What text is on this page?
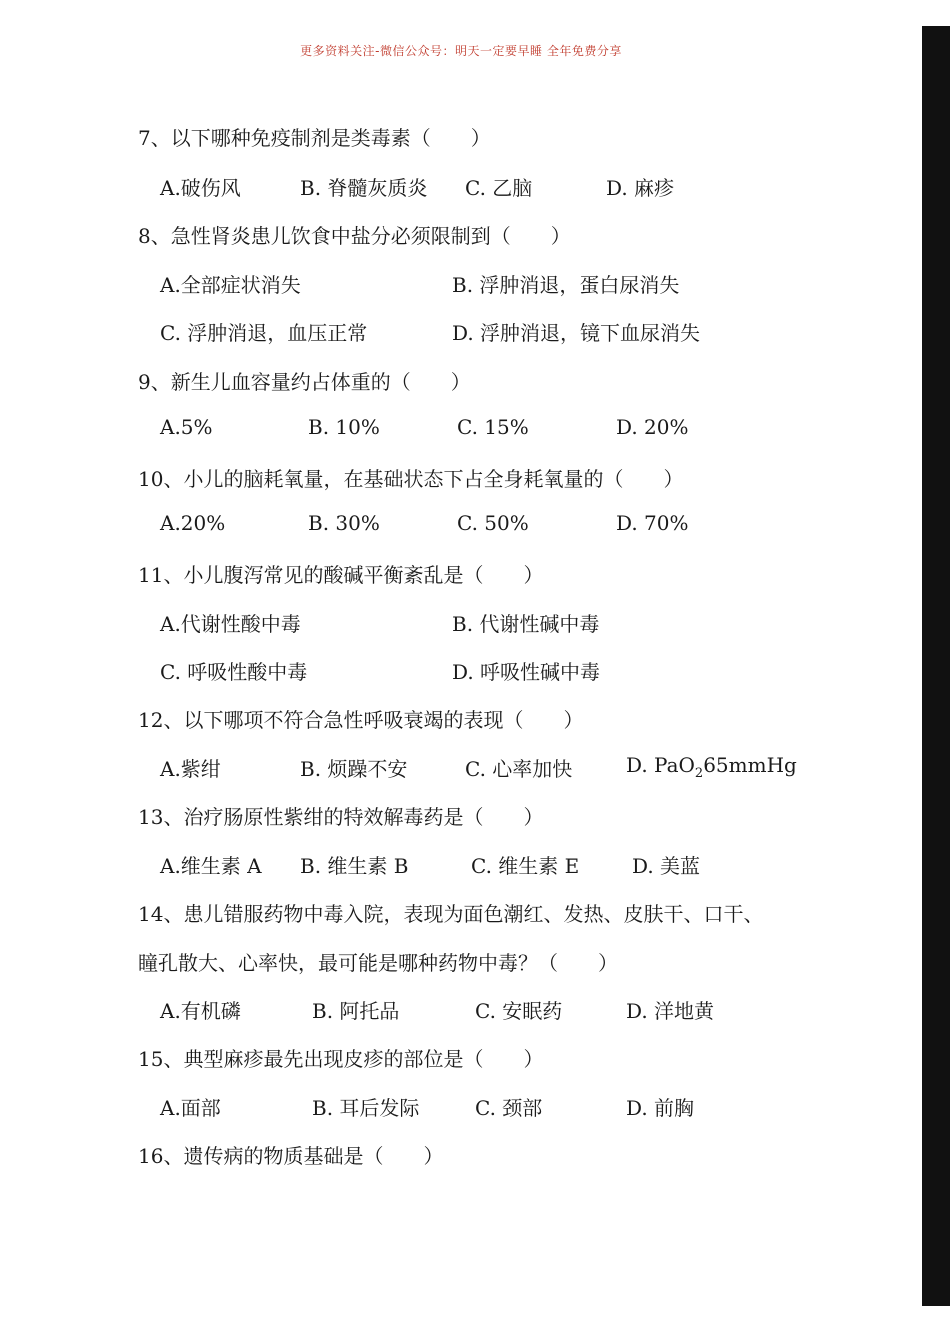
更多资料关注-微信公众号：明天一定要早睡 全年免费分享
7、以下哪种免疫制剂是类毒素（　　）
A.破伤风	B. 脊髓灰质炎 C. 乙脑	D. 麻疹
8、急性肾炎患儿饮食中盐分必须限制到（　　）
A.全部症状消失	B. 浮肿消退，蛋白尿消失
C. 浮肿消退，血压正常	D. 浮肿消退，镜下血尿消失
9、新生儿血容量约占体重的（　　）
A.5%	B. 10%	C. 15%	D. 20%
10、小儿的脑耗氧量，在基础状态下占全身耗氧量的（　　）
A.20%	B. 30%	C. 50%	D. 70%
11、小儿腹泻常见的酸碱平衡紊乱是（　　）
A.代谢性酸中毒	B. 代谢性碱中毒
C. 呼吸性酸中毒	D. 呼吸性碱中毒
12、以下哪项不符合急性呼吸衰竭的表现（　　）
A.紫绀	B. 烦躁不安	C. 心率加快	D. PaO$_2$65mmHg
13、治疗肠原性紫绀的特效解毒药是（　　）
A.维生素 A B. 维生素 B	C. 维生素 E	D. 美蓝
14、患儿错服药物中毒入院，表现为面色潮红、发热、皮肤干、口干、
瞳孔散大、心率快，最可能是哪种药物中毒？（　　）
A.有机磷	B. 阿托品	C. 安眠药	D. 洋地黄
15、典型麻疹最先出现皮疹的部位是（　　）
A.面部	B. 耳后发际	C. 颈部	D. 前胸
16、遗传病的物质基础是（　　）
